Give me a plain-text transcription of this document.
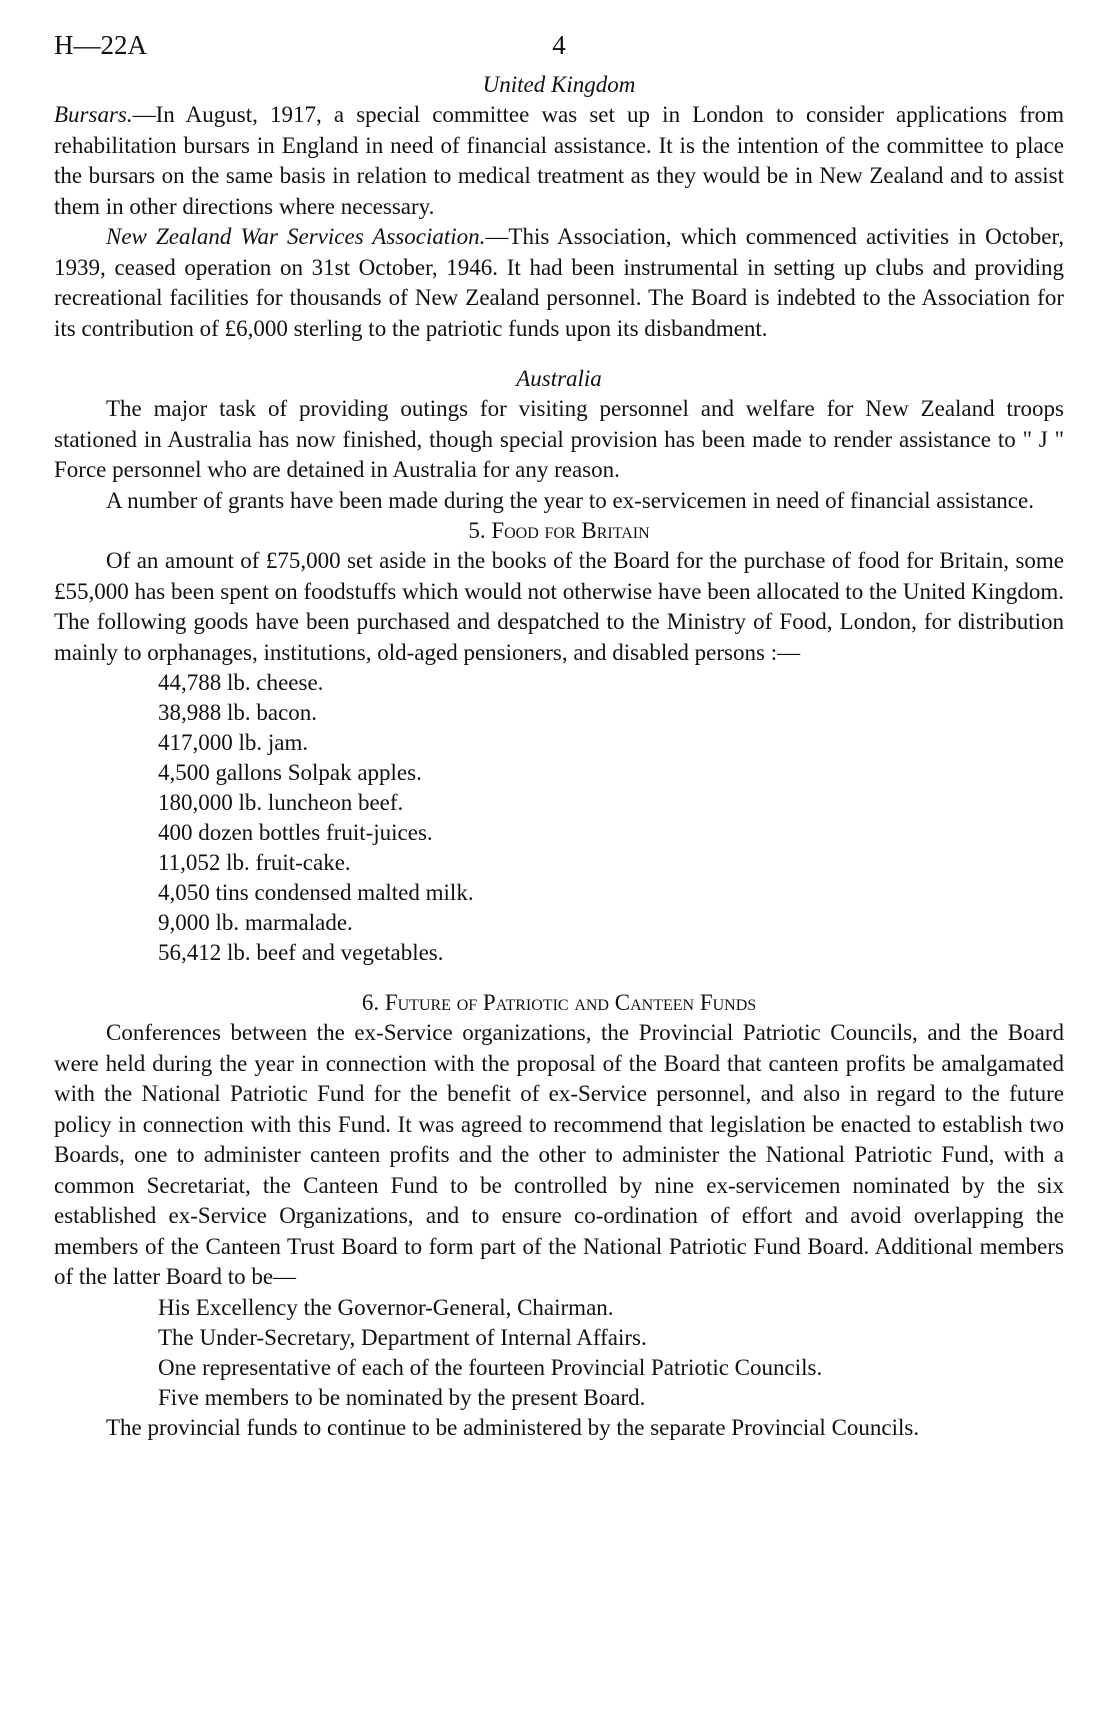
H—22A	4
United Kingdom

Bursars.—In August, 1917, a special committee was set up in London to consider applications from rehabilitation bursars in England in need of financial assistance. It is the intention of the committee to place the bursars on the same basis in relation to medical treatment as they would be in New Zealand and to assist them in other directions where necessary.

New Zealand War Services Association.—This Association, which commenced activities in October, 1939, ceased operation on 31st October, 1946. It had been instrumental in setting up clubs and providing recreational facilities for thousands of New Zealand personnel. The Board is indebted to the Association for its contribution of £6,000 sterling to the patriotic funds upon its disbandment.

Australia

The major task of providing outings for visiting personnel and welfare for New Zealand troops stationed in Australia has now finished, though special provision has been made to render assistance to " J " Force personnel who are detained in Australia for any reason.

A number of grants have been made during the year to ex-servicemen in need of financial assistance.

5. Food for Britain

Of an amount of £75,000 set aside in the books of the Board for the purchase of food for Britain, some £55,000 has been spent on foodstuffs which would not otherwise have been allocated to the United Kingdom. The following goods have been purchased and despatched to the Ministry of Food, London, for distribution mainly to orphanages, institutions, old-aged pensioners, and disabled persons :—

44,788 lb. cheese.
38,988 lb. bacon.
417,000 lb. jam.
4,500 gallons Solpak apples.
180,000 lb. luncheon beef.
400 dozen bottles fruit-juices.
11,052 lb. fruit-cake.
4,050 tins condensed malted milk.
9,000 lb. marmalade.
56,412 lb. beef and vegetables.
6. Future of Patriotic and Canteen Funds

Conferences between the ex-Service organizations, the Provincial Patriotic Councils, and the Board were held during the year in connection with the proposal of the Board that canteen profits be amalgamated with the National Patriotic Fund for the benefit of ex-Service personnel, and also in regard to the future policy in connection with this Fund. It was agreed to recommend that legislation be enacted to establish two Boards, one to administer canteen profits and the other to administer the National Patriotic Fund, with a common Secretariat, the Canteen Fund to be controlled by nine ex-servicemen nominated by the six established ex-Service Organizations, and to ensure co-ordination of effort and avoid overlapping the members of the Canteen Trust Board to form part of the National Patriotic Fund Board. Additional members of the latter Board to be—

His Excellency the Governor-General, Chairman.
The Under-Secretary, Department of Internal Affairs.
One representative of each of the fourteen Provincial Patriotic Councils.
Five members to be nominated by the present Board.

The provincial funds to continue to be administered by the separate Provincial Councils.
